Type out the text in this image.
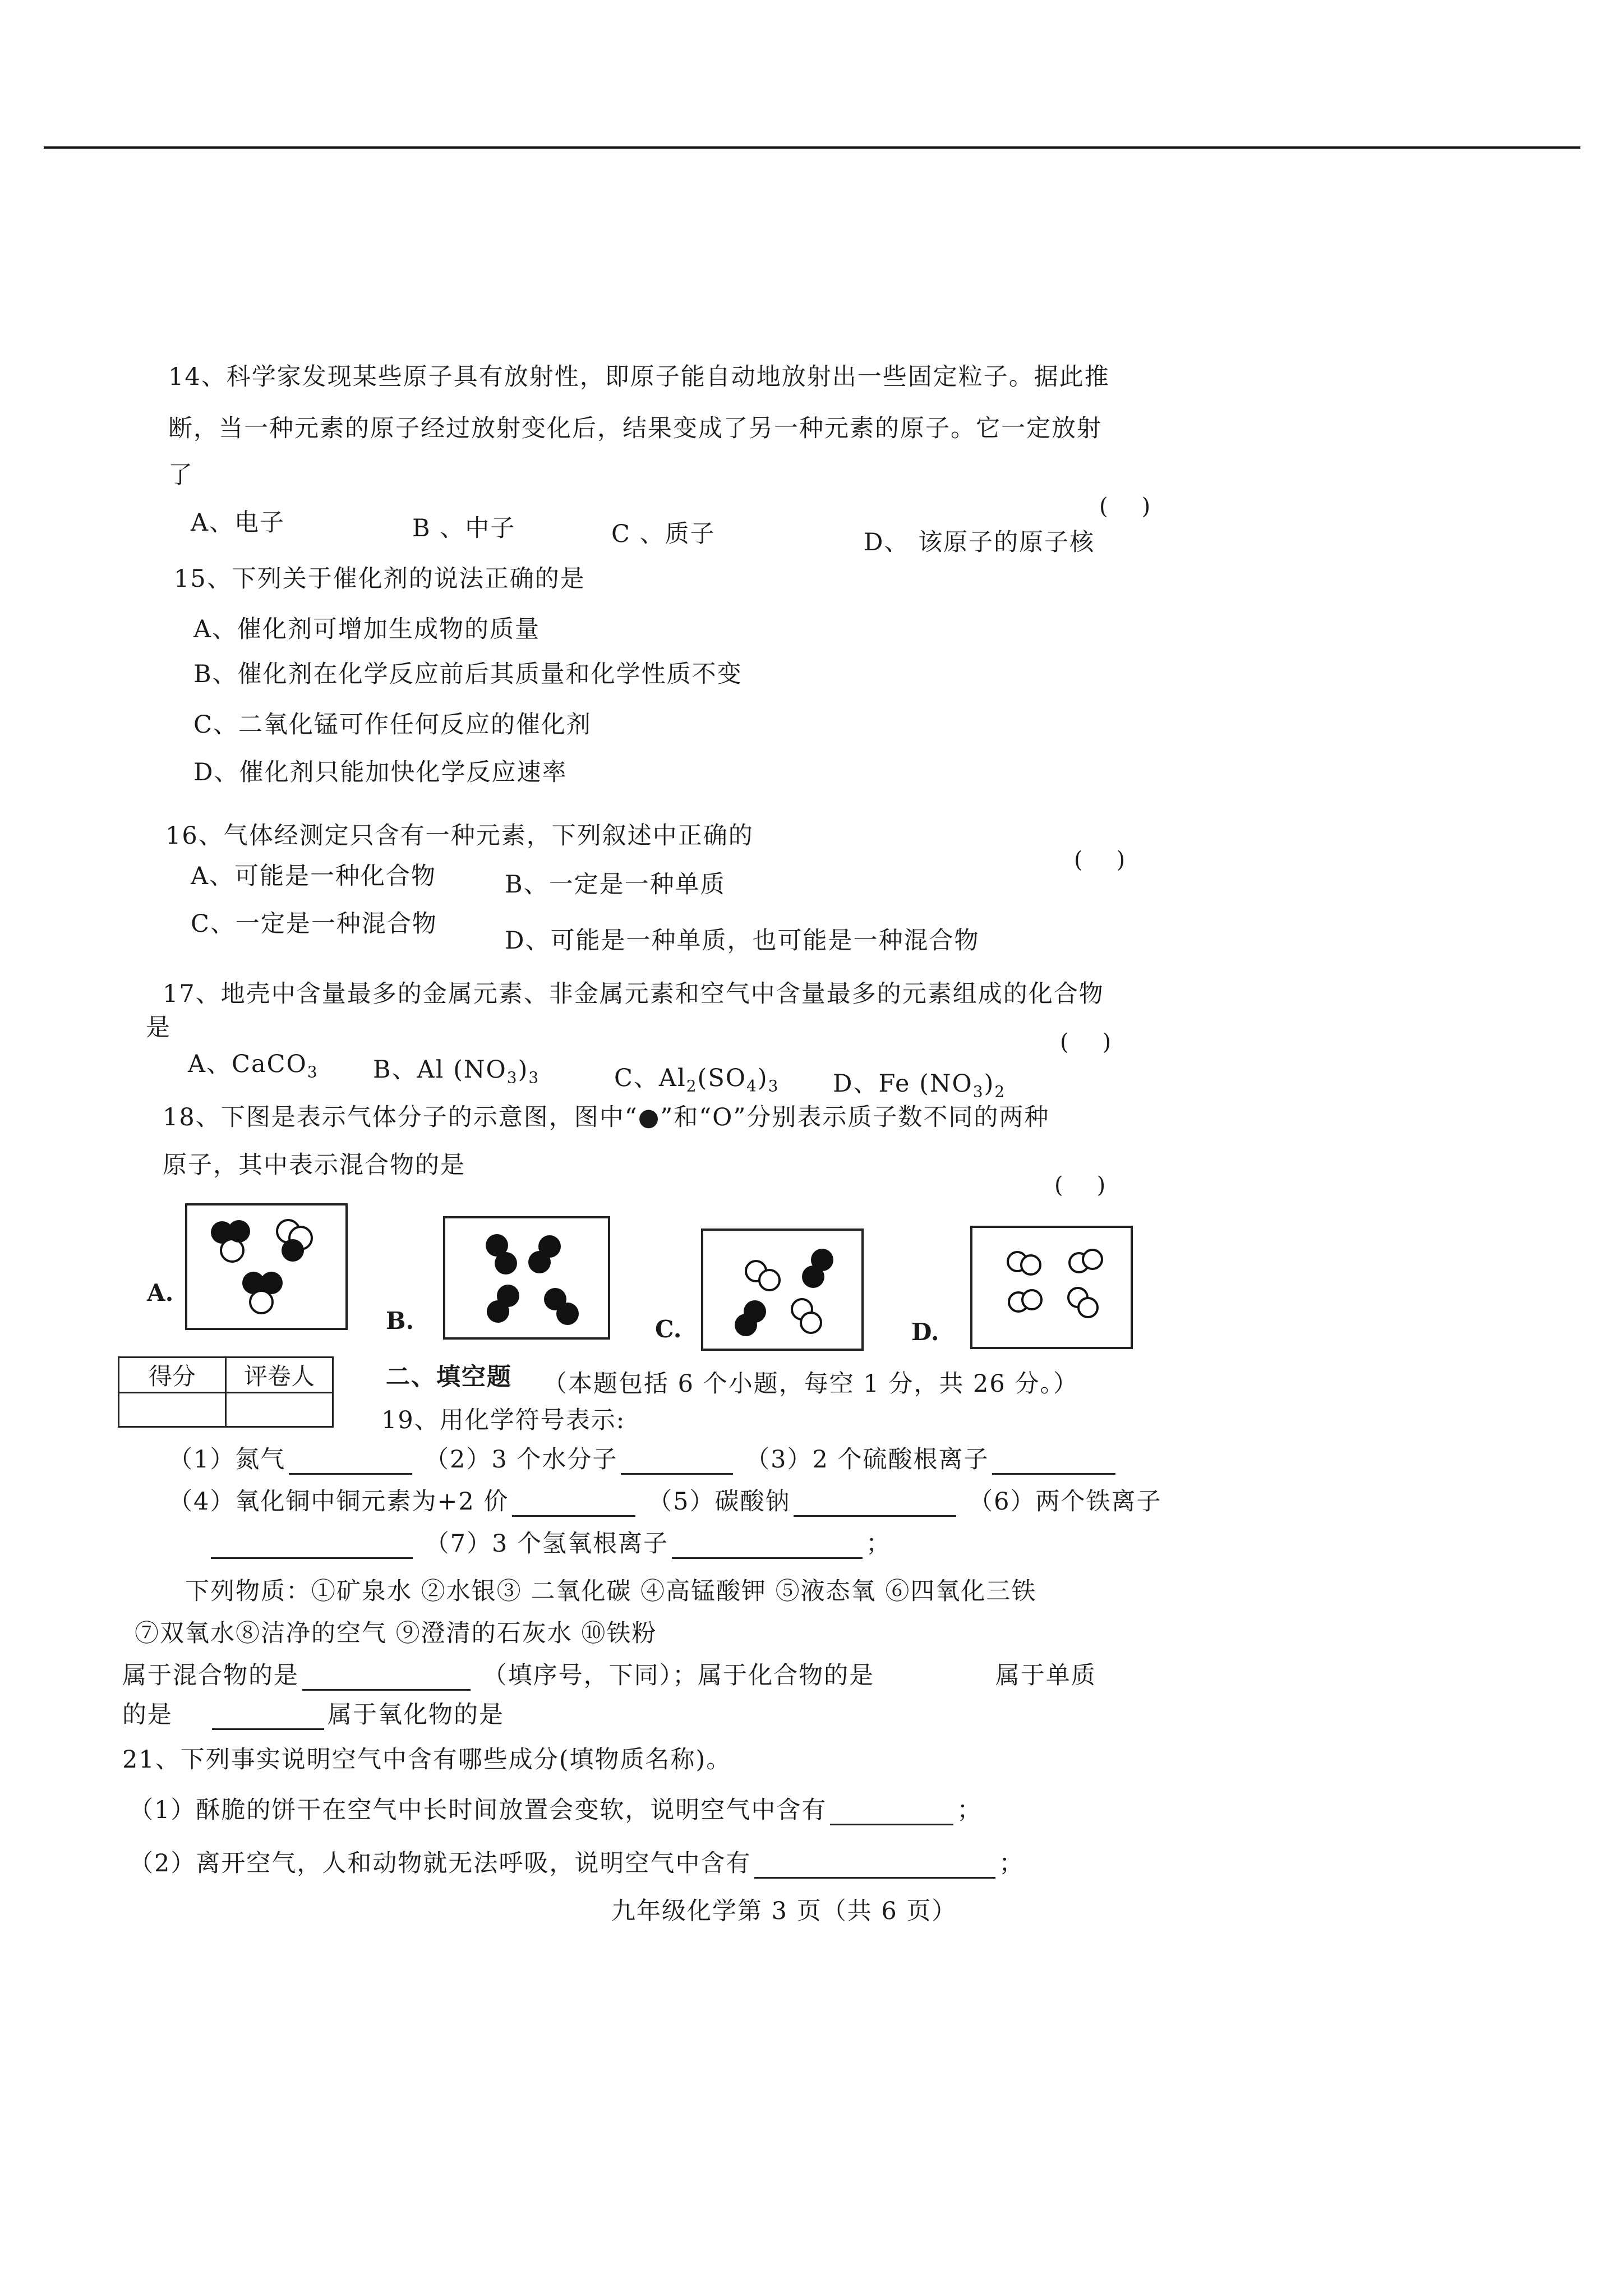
14、科学家发现某些原子具有放射性，即原子能自动地放射出一些固定粒子。据此推
断，当一种元素的原子经过放射变化后，结果变成了另一种元素的原子。它一定放射
了
A、电子	B 、中子	C 、质子	D、 该原子的原子核
()
15、下列关于催化剂的说法正确的是
A、催化剂可增加生成物的质量
B、催化剂在化学反应前后其质量和化学性质不变
C、二氧化锰可作任何反应的催化剂
D、催化剂只能加快化学反应速率
16、气体经测定只含有一种元素，下列叙述中正确的
()
A、可能是一种化合物	B、一定是一种单质
C、一定是一种混合物
D、可能是一种单质，也可能是一种混合物
17、地壳中含量最多的金属元素、非金属元素和空气中含量最多的元素组成的化合物
是
()
A、CaCO$_3$ B、Al $(NO_3)_3$	C、$Al_2(SO_4)_3$ D、Fe $(NO_3)_2$
18、下图是表示气体分子的示意图，图中“●”和“O”分别表示质子数不同的两种
原子，其中表示混合物的是
()
A.
B.	C.	D.
得分	评卷人
		二、填空题 （本题包括 6 个小题，每空 1 分，共 26 分。）
19、用化学符号表示:
（1）氮气	（2）3 个水分子	（3）2 个硫酸根离子
（4）氧化铜中铜元素为+2 价	（5）碳酸钠	（6）两个铁离子
（7）3 个氢氧根离子	；
下列物质：①矿泉水 ②水银③ 二氧化碳 ④高锰酸钾 ⑤液态氧 ⑥四氧化三铁
⑦双氧水⑧洁净的空气 ⑨澄清的石灰水 ⑩铁粉
属于混合物的是	（填序号，下同）；属于化合物的是	属于单质
的是	属于氧化物的是
21、下列事实说明空气中含有哪些成分(填物质名称)。
（1）酥脆的饼干在空气中长时间放置会变软，说明空气中含有	；
（2）离开空气，人和动物就无法呼吸，说明空气中含有	；
九年级化学第 3 页（共 6 页）
